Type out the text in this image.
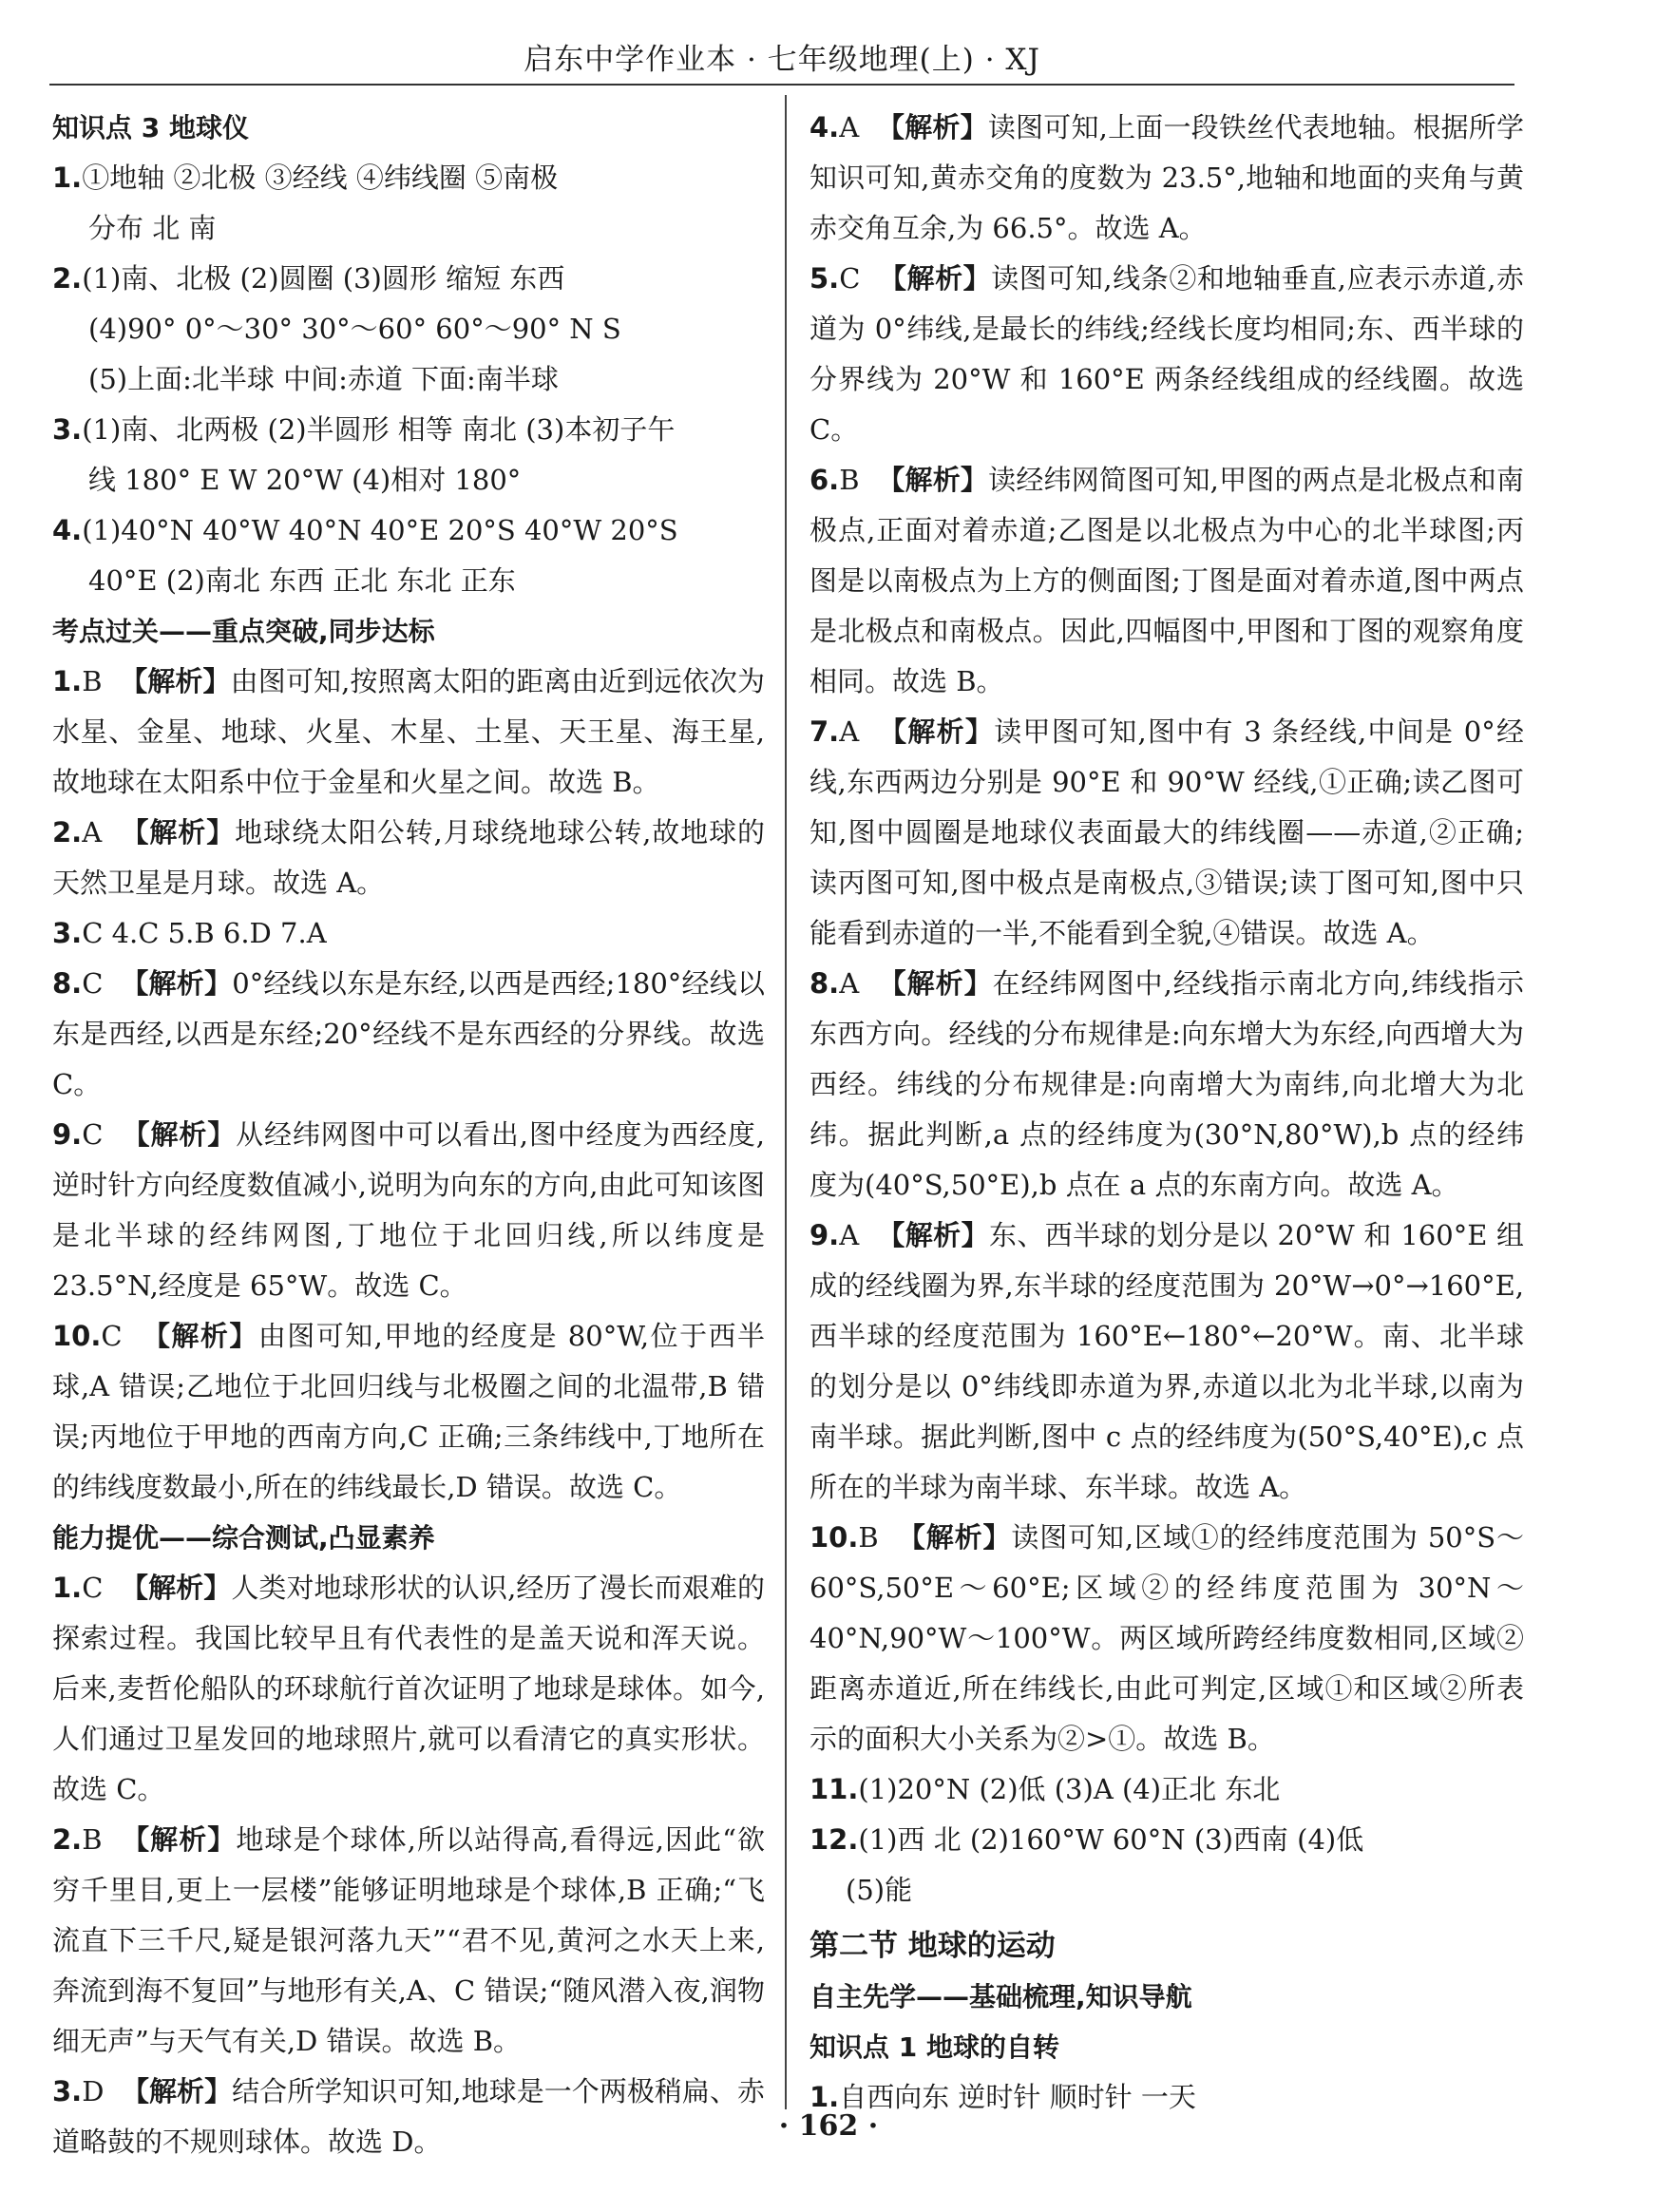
启东中学作业本 · 七年级地理(上) · XJ
知识点 3 地球仪
1.①地轴 ②北极 ③经线 ④纬线圈 ⑤南极
分布 北 南
2.(1)南、北极 (2)圆圈 (3)圆形 缩短 东西
(4)90° 0°～30° 30°～60° 60°～90° N S
(5)上面:北半球 中间:赤道 下面:南半球
3.(1)南、北两极 (2)半圆形 相等 南北 (3)本初子午
线 180° E W 20°W (4)相对 180°
4.(1)40°N 40°W 40°N 40°E 20°S 40°W 20°S
40°E (2)南北 东西 正北 东北 正东
考点过关——重点突破,同步达标
1.B 【解析】由图可知,按照离太阳的距离由近到远依次为水星、金星、地球、火星、木星、土星、天王星、海王星,故地球在太阳系中位于金星和火星之间。故选 B。
2.A 【解析】地球绕太阳公转,月球绕地球公转,故地球的天然卫星是月球。故选 A。
3.C 4.C 5.B 6.D 7.A
8.C 【解析】0°经线以东是东经,以西是西经;180°经线以东是西经,以西是东经;20°经线不是东西经的分界线。故选 C。
9.C 【解析】从经纬网图中可以看出,图中经度为西经度,逆时针方向经度数值减小,说明为向东的方向,由此可知该图是北半球的经纬网图,丁地位于北回归线,所以纬度是 23.5°N,经度是 65°W。故选 C。
10.C 【解析】由图可知,甲地的经度是 80°W,位于西半球,A 错误;乙地位于北回归线与北极圈之间的北温带,B 错误;丙地位于甲地的西南方向,C 正确;三条纬线中,丁地所在的纬线度数最小,所在的纬线最长,D 错误。故选 C。
能力提优——综合测试,凸显素养
1.C 【解析】人类对地球形状的认识,经历了漫长而艰难的探索过程。我国比较早且有代表性的是盖天说和浑天说。后来,麦哲伦船队的环球航行首次证明了地球是球体。如今,人们通过卫星发回的地球照片,就可以看清它的真实形状。故选 C。
2.B 【解析】地球是个球体,所以站得高,看得远,因此“欲穷千里目,更上一层楼”能够证明地球是个球体,B 正确;“飞流直下三千尺,疑是银河落九天”“君不见,黄河之水天上来,奔流到海不复回”与地形有关,A、C 错误;“随风潜入夜,润物细无声”与天气有关,D 错误。故选 B。
3.D 【解析】结合所学知识可知,地球是一个两极稍扁、赤道略鼓的不规则球体。故选 D。
4.A 【解析】读图可知,上面一段铁丝代表地轴。根据所学知识可知,黄赤交角的度数为 23.5°,地轴和地面的夹角与黄赤交角互余,为 66.5°。故选 A。
5.C 【解析】读图可知,线条②和地轴垂直,应表示赤道,赤道为 0°纬线,是最长的纬线;经线长度均相同;东、西半球的分界线为 20°W 和 160°E 两条经线组成的经线圈。故选 C。
6.B 【解析】读经纬网简图可知,甲图的两点是北极点和南极点,正面对着赤道;乙图是以北极点为中心的北半球图;丙图是以南极点为上方的侧面图;丁图是面对着赤道,图中两点是北极点和南极点。因此,四幅图中,甲图和丁图的观察角度相同。故选 B。
7.A 【解析】读甲图可知,图中有 3 条经线,中间是 0°经线,东西两边分别是 90°E 和 90°W 经线,①正确;读乙图可知,图中圆圈是地球仪表面最大的纬线圈——赤道,②正确;读丙图可知,图中极点是南极点,③错误;读丁图可知,图中只能看到赤道的一半,不能看到全貌,④错误。故选 A。
8.A 【解析】在经纬网图中,经线指示南北方向,纬线指示东西方向。经线的分布规律是:向东增大为东经,向西增大为西经。纬线的分布规律是:向南增大为南纬,向北增大为北纬。据此判断,a 点的经纬度为(30°N,80°W),b 点的经纬度为(40°S,50°E),b 点在 a 点的东南方向。故选 A。
9.A 【解析】东、西半球的划分是以 20°W 和 160°E 组成的经线圈为界,东半球的经度范围为 20°W→0°→160°E,西半球的经度范围为 160°E←180°←20°W。南、北半球的划分是以 0°纬线即赤道为界,赤道以北为北半球,以南为南半球。据此判断,图中 c 点的经纬度为(50°S,40°E),c 点所在的半球为南半球、东半球。故选 A。
10.B 【解析】读图可知,区域①的经纬度范围为 50°S～60°S,50°E～60°E;区域②的经纬度范围为 30°N～40°N,90°W～100°W。两区域所跨经纬度数相同,区域②距离赤道近,所在纬线长,由此可判定,区域①和区域②所表示的面积大小关系为②>①。故选 B。
11.(1)20°N (2)低 (3)A (4)正北 东北
12.(1)西 北 (2)160°W 60°N (3)西南 (4)低
(5)能
第二节 地球的运动
自主先学——基础梳理,知识导航
知识点 1 地球的自转
1.自西向东 逆时针 顺时针 一天
· 162 ·
